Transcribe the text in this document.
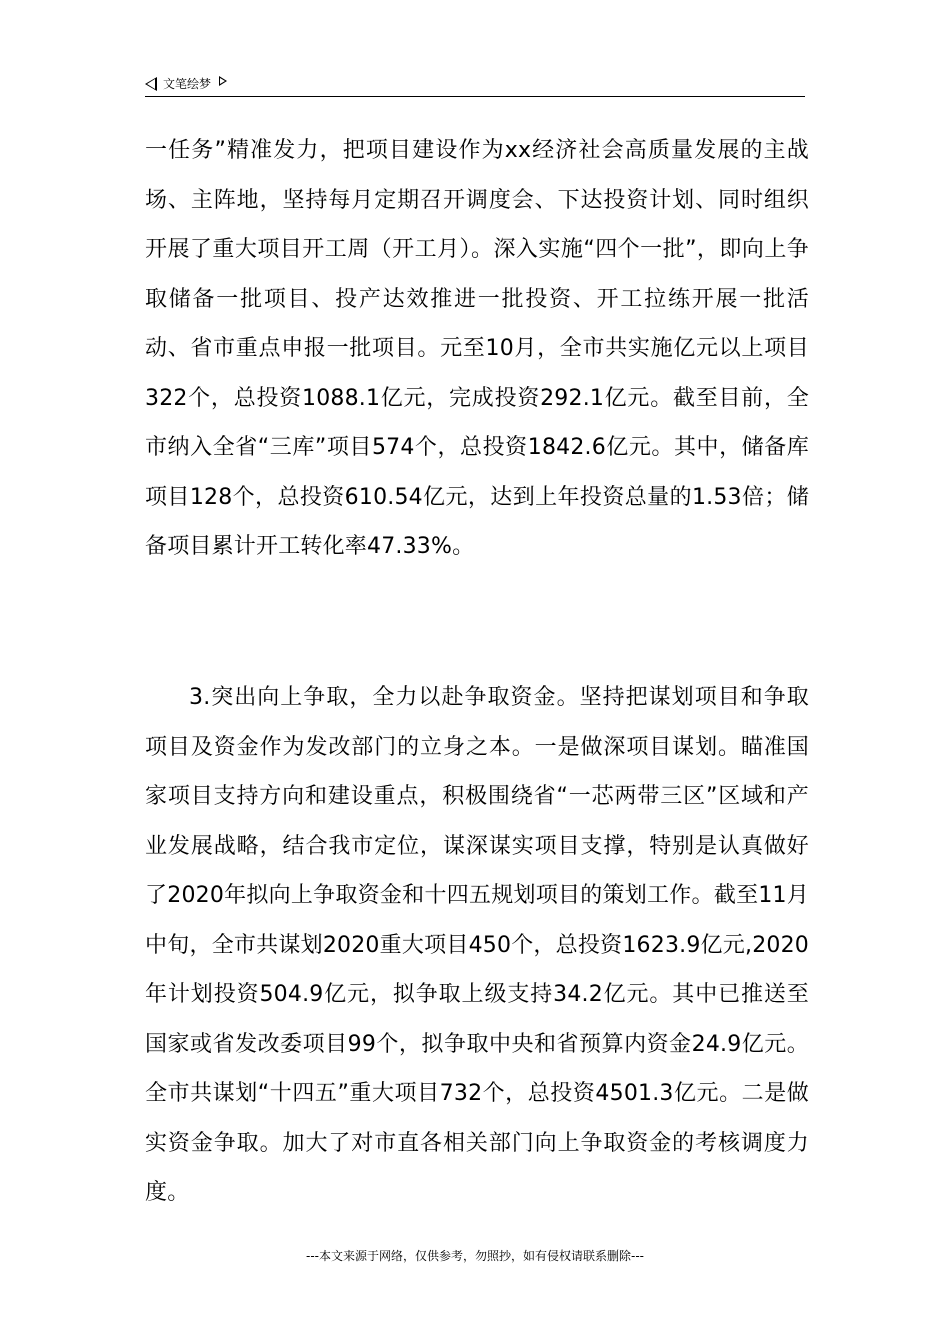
文笔绘梦
一任务”精准发力，把项目建设作为xx经济社会高质量发展的主战场、主阵地，坚持每月定期召开调度会、下达投资计划、同时组织开展了重大项目开工周（开工月）。深入实施“四个一批”，即向上争取储备一批项目、投产达效推进一批投资、开工拉练开展一批活动、省市重点申报一批项目。元至10月，全市共实施亿元以上项目322个，总投资1088.1亿元，完成投资292.1亿元。截至目前，全市纳入全省“三库”项目574个，总投资1842.6亿元。其中，储备库项目128个，总投资610.54亿元，达到上年投资总量的1.53倍；储备项目累计开工转化率47.33%。
3.突出向上争取，全力以赴争取资金。坚持把谋划项目和争取项目及资金作为发改部门的立身之本。一是做深项目谋划。瞄准国家项目支持方向和建设重点，积极围绕省“一芯两带三区”区域和产业发展战略，结合我市定位，谋深谋实项目支撑，特别是认真做好了2020年拟向上争取资金和十四五规划项目的策划工作。截至11月中旬，全市共谋划2020重大项目450个，总投资1623.9亿元,2020年计划投资504.9亿元，拟争取上级支持34.2亿元。其中已推送至国家或省发改委项目99个，拟争取中央和省预算内资金24.9亿元。全市共谋划“十四五”重大项目732个，总投资4501.3亿元。二是做实资金争取。加大了对市直各相关部门向上争取资金的考核调度力度。
---本文来源于网络，仅供参考，勿照抄，如有侵权请联系删除---
